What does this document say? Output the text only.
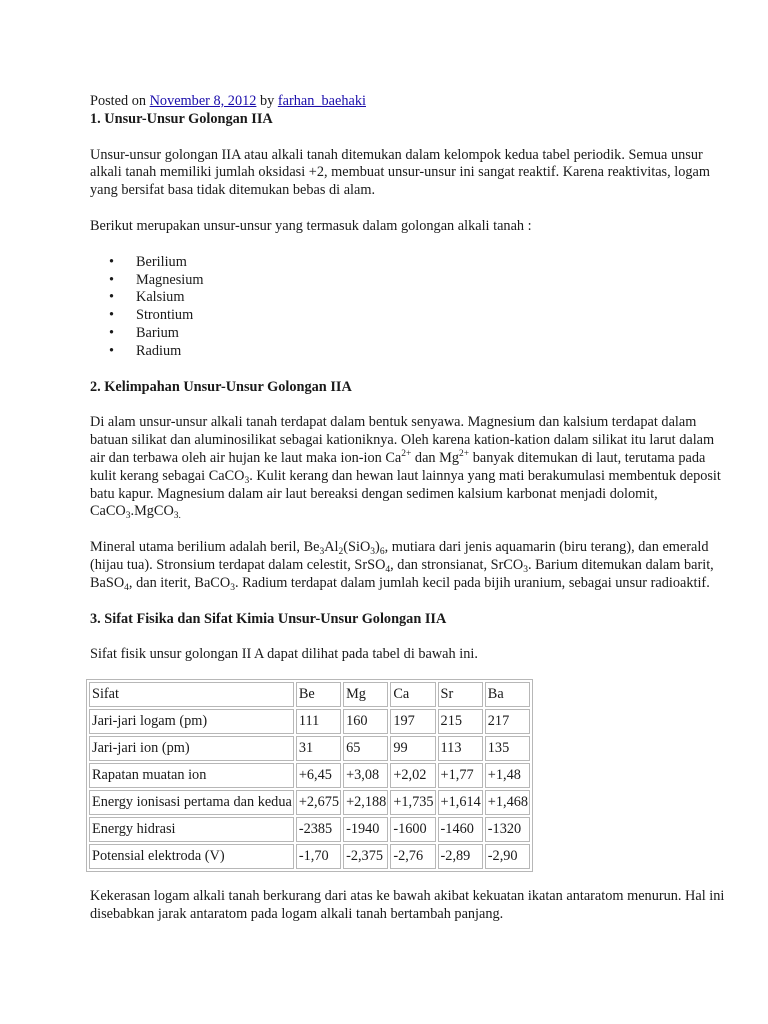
Posted on November 8, 2012 by farhan_baehaki

1. Unsur-Unsur Golongan IIA

Unsur-unsur golongan IIA atau alkali tanah ditemukan dalam kelompok kedua tabel periodik. Semua unsur alkali tanah memiliki jumlah oksidasi +2, membuat unsur-unsur ini sangat reaktif. Karena reaktivitas, logam yang bersifat basa tidak ditemukan bebas di alam.

Berikut merupakan unsur-unsur yang termasuk dalam golongan alkali tanah :

• Berilium
• Magnesium
• Kalsium
• Strontium
• Barium
• Radium
2. Kelimpahan Unsur-Unsur Golongan IIA

Di alam unsur-unsur alkali tanah terdapat dalam bentuk senyawa. Magnesium dan kalsium terdapat dalam batuan silikat dan aluminosilikat sebagai kationiknya. Oleh karena kation-kation dalam silikat itu larut dalam air dan terbawa oleh air hujan ke laut maka ion-ion $Ca^{2+}$ dan $Mg^{2+}$ banyak ditemukan di laut, terutama pada kulit kerang sebagai CaCO$_3$. Kulit kerang dan hewan laut lainnya yang mati berakumulasi membentuk deposit batu kapur. Magnesium dalam air laut bereaksi dengan sedimen kalsium karbonat menjadi dolomit, CaCO$_3$.MgCO$_{3.}$

Mineral utama berilium adalah beril, $Be_3Al_2(SiO_3)_6$, mutiara dari jenis aquamarin (biru terang), dan emerald (hijau tua). Stronsium terdapat dalam celestit, SrSO$_4$, dan stronsianat, SrCO$_3$. Barium ditemukan dalam barit, BaSO$_4$, dan iterit, BaCO$_3$. Radium terdapat dalam jumlah kecil pada bijih uranium, sebagai unsur radioaktif.

3. Sifat Fisika dan Sifat Kimia Unsur-Unsur Golongan IIA

Sifat fisik unsur golongan II A dapat dilihat pada tabel di bawah ini.

Sifat	Be	Mg	Ca	Sr	Ba
Jari-jari logam (pm)	111	160	197	215	217
Jari-jari ion (pm)	31	65	99	113	135
Rapatan muatan ion	+6,45	+3,08	+2,02	+1,77	+1,48
Energy ionisasi pertama dan kedua	+2,675	+2,188	+1,735	+1,614	+1,468
Energy hidrasi	-2385	-1940	-1600	-1460	-1320
Potensial elektroda (V)	-1,70	-2,375	-2,76	-2,89	-2,90

Kekerasan logam alkali tanah berkurang dari atas ke bawah akibat kekuatan ikatan antaratom menurun. Hal ini disebabkan jarak antaratom pada logam alkali tanah bertambah panjang.
